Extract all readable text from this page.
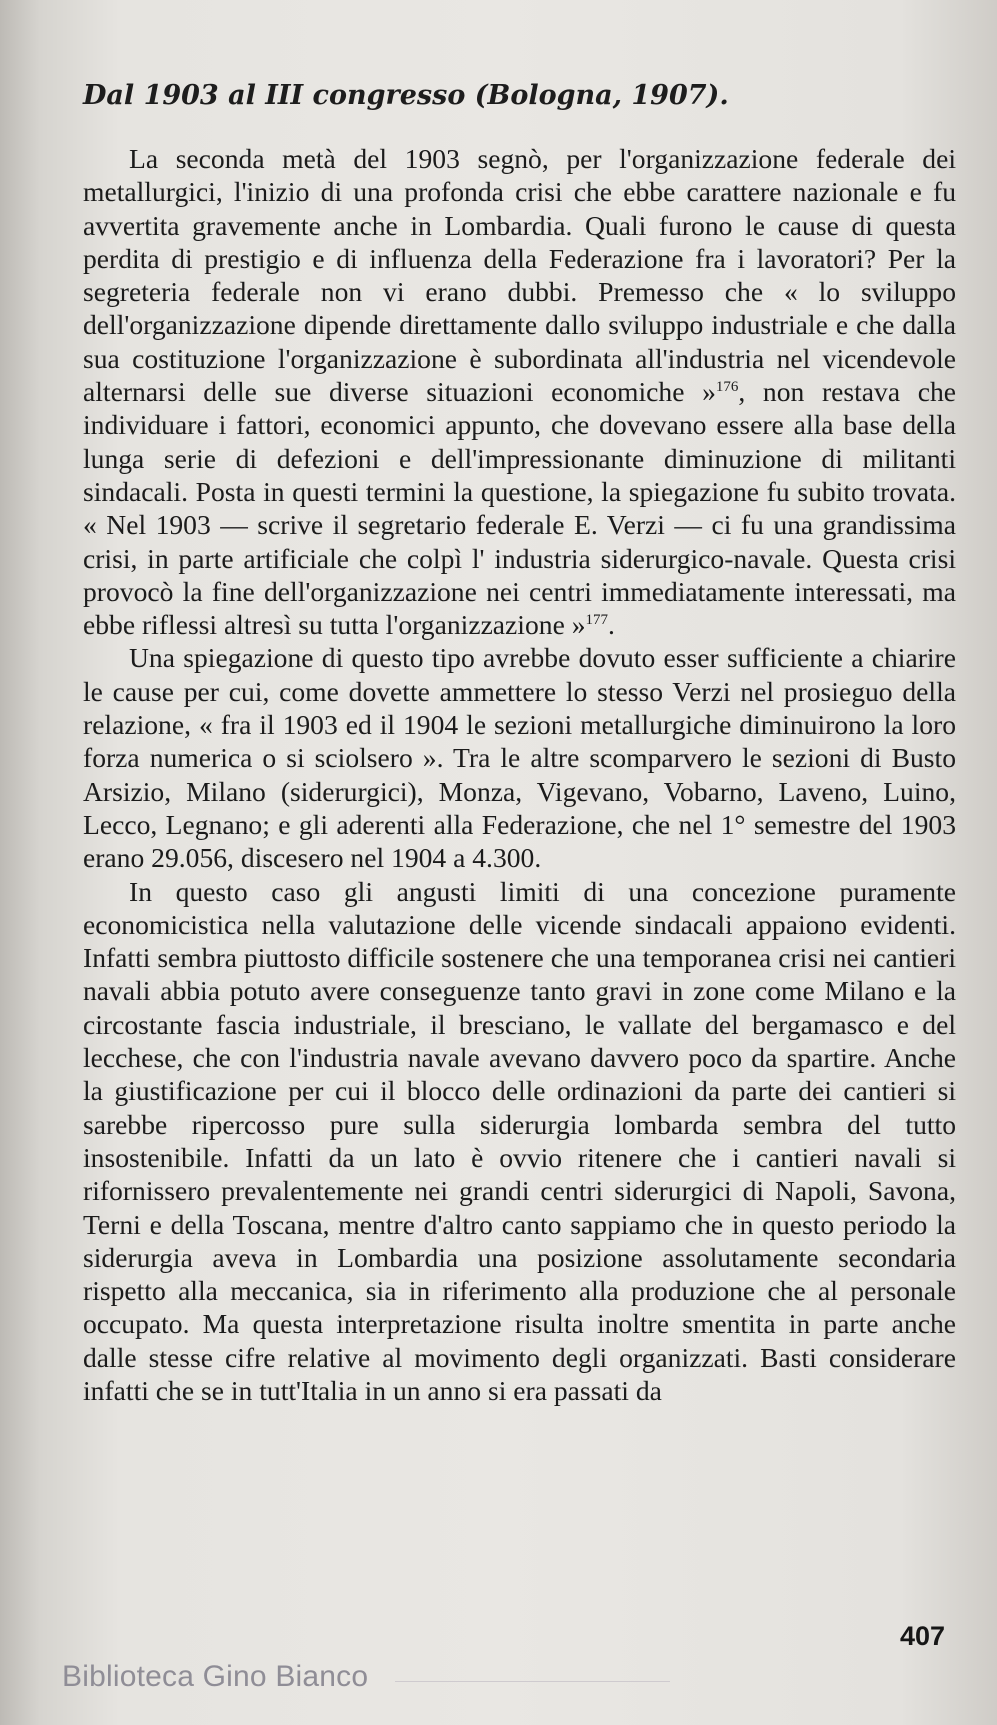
Dal 1903 al III congresso (Bologna, 1907).

La seconda metà del 1903 segnò, per l'organizzazione federale dei metallurgici, l'inizio di una profonda crisi che ebbe carattere nazionale e fu avvertita gravemente anche in Lombardia. Quali furono le cause di questa perdita di prestigio e di influenza della Federazione fra i lavoratori? Per la segreteria federale non vi erano dubbi. Premesso che « lo sviluppo dell'organizzazione dipende direttamente dallo sviluppo industriale e che dalla sua costituzione l'organizzazione è subordinata all'industria nel vicendevole alternarsi delle sue diverse situazioni economiche »$^{176}$, non restava che individuare i fattori, economici appunto, che dovevano essere alla base della lunga serie di defezioni e dell'impressionante diminuzione di militanti sindacali. Posta in questi termini la questione, la spiegazione fu subito trovata. « Nel 1903 — scrive il segretario federale E. Verzi — ci fu una grandissima crisi, in parte artificiale che colpì l' industria siderurgico-navale. Questa crisi provocò la fine dell'organizzazione nei centri immediatamente interessati, ma ebbe riflessi altresì su tutta l'organizzazione »$^{177}$.

Una spiegazione di questo tipo avrebbe dovuto esser sufficiente a chiarire le cause per cui, come dovette ammettere lo stesso Verzi nel prosieguo della relazione, « fra il 1903 ed il 1904 le sezioni metallurgiche diminuirono la loro forza numerica o si sciolsero ». Tra le altre scomparvero le sezioni di Busto Arsizio, Milano (siderurgici), Monza, Vigevano, Vobarno, Laveno, Luino, Lecco, Legnano; e gli aderenti alla Federazione, che nel 1° semestre del 1903 erano 29.056, discesero nel 1904 a 4.300.

In questo caso gli angusti limiti di una concezione puramente economicistica nella valutazione delle vicende sindacali appaiono evidenti. Infatti sembra piuttosto difficile sostenere che una temporanea crisi nei cantieri navali abbia potuto avere conseguenze tanto gravi in zone come Milano e la circostante fascia industriale, il bresciano, le vallate del bergamasco e del lecchese, che con l'industria navale avevano davvero poco da spartire. Anche la giustificazione per cui il blocco delle ordinazioni da parte dei cantieri si sarebbe ripercosso pure sulla siderurgia lombarda sembra del tutto insostenibile. Infatti da un lato è ovvio ritenere che i cantieri navali si rifornissero prevalentemente nei grandi centri siderurgici di Napoli, Savona, Terni e della Toscana, mentre d'altro canto sappiamo che in questo periodo la siderurgia aveva in Lombardia una posizione assolutamente secondaria rispetto alla meccanica, sia in riferimento alla produzione che al personale occupato. Ma questa interpretazione risulta inoltre smentita in parte anche dalle stesse cifre relative al movimento degli organizzati. Basti considerare infatti che se in tutt'Italia in un anno si era passati da

407
Biblioteca Gino Bianco
